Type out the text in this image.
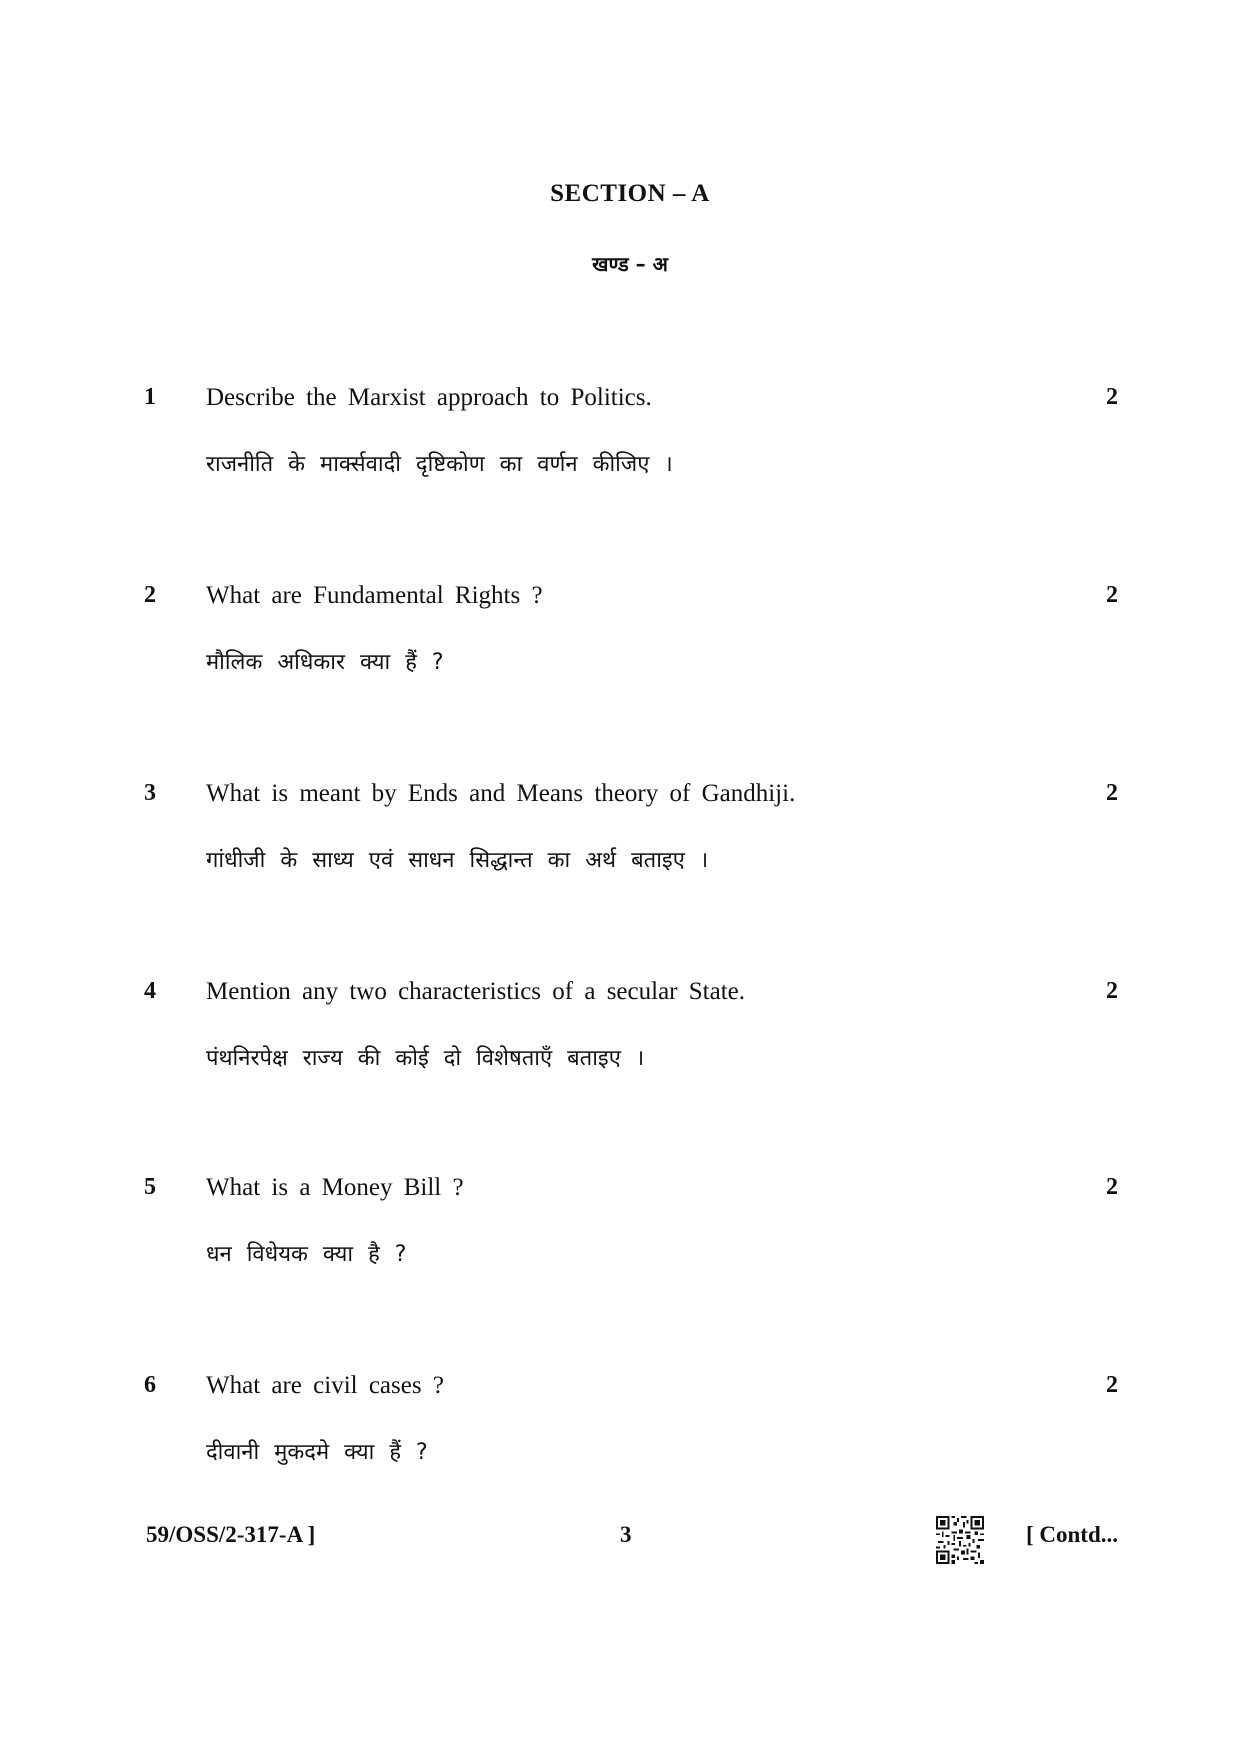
SECTION – A
खण्ड – अ
1 Describe the Marxist approach to Politics.	2
राजनीति के मार्क्सवादी दृष्टिकोण का वर्णन कीजिए ।
2 What are Fundamental Rights ?	2
मौलिक अधिकार क्या हैं ?
3 What is meant by Ends and Means theory of Gandhiji.	2
गांधीजी के साध्य एवं साधन सिद्धान्त का अर्थ बताइए ।
4 Mention any two characteristics of a secular State.	2
पंथनिरपेक्ष राज्य की कोई दो विशेषताएँ बताइए ।
5 What is a Money Bill ?	2
धन विधेयक क्या है ?
6 What are civil cases ?	2
दीवानी मुकदमे क्या हैं ?
59/OSS/2-317-A ]	3	[ Contd...
